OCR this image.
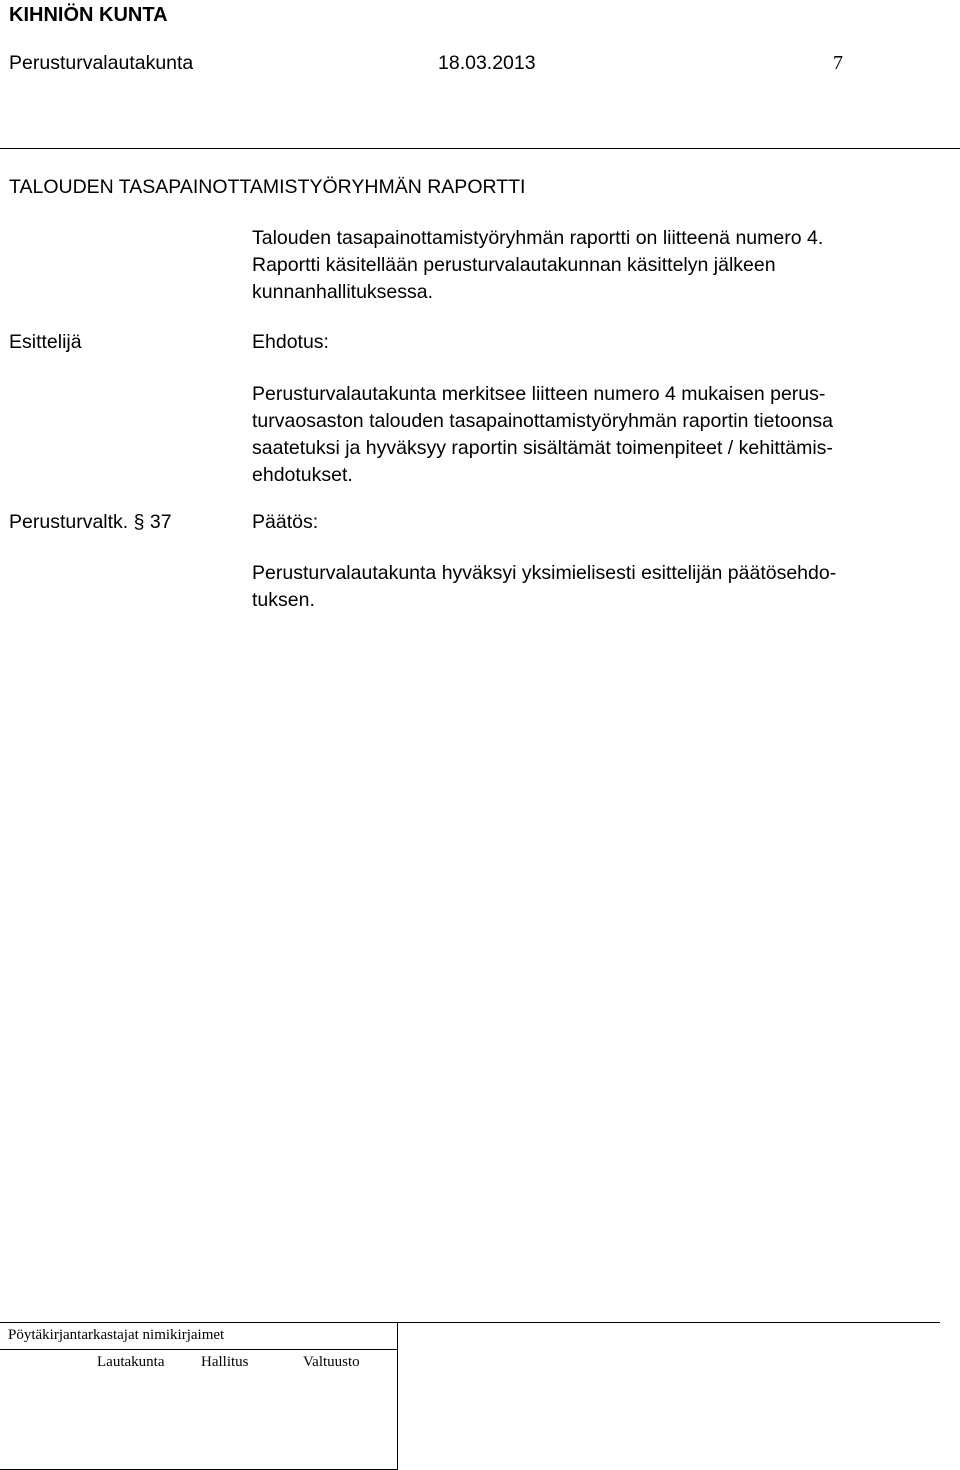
KIHNIÖN KUNTA
Perusturvalautakunta	18.03.2013	7
TALOUDEN TASAPAINOTTAMISTYÖRYHMÄN RAPORTTI
Talouden tasapainottamistyöryhmän raportti on liitteenä numero 4.
Raportti käsitellään perusturvalautakunnan käsittelyn jälkeen
kunnanhallituksessa.
Esittelijä	Ehdotus:
Perusturvalautakunta merkitsee liitteen numero 4 mukaisen perus-
turvaosaston talouden tasapainottamistyöryhmän raportin tietoonsa
saatetuksi ja hyväksyy raportin sisältämät toimenpiteet / kehittämis-
ehdotukset.
Perusturvaltk. § 37	Päätös:
Perusturvalautakunta hyväksyi yksimielisesti esittelijän päätösehdo-
tuksen.
Pöytäkirjantarkastajat nimikirjaimet
Lautakunta Hallitus	Valtuusto
